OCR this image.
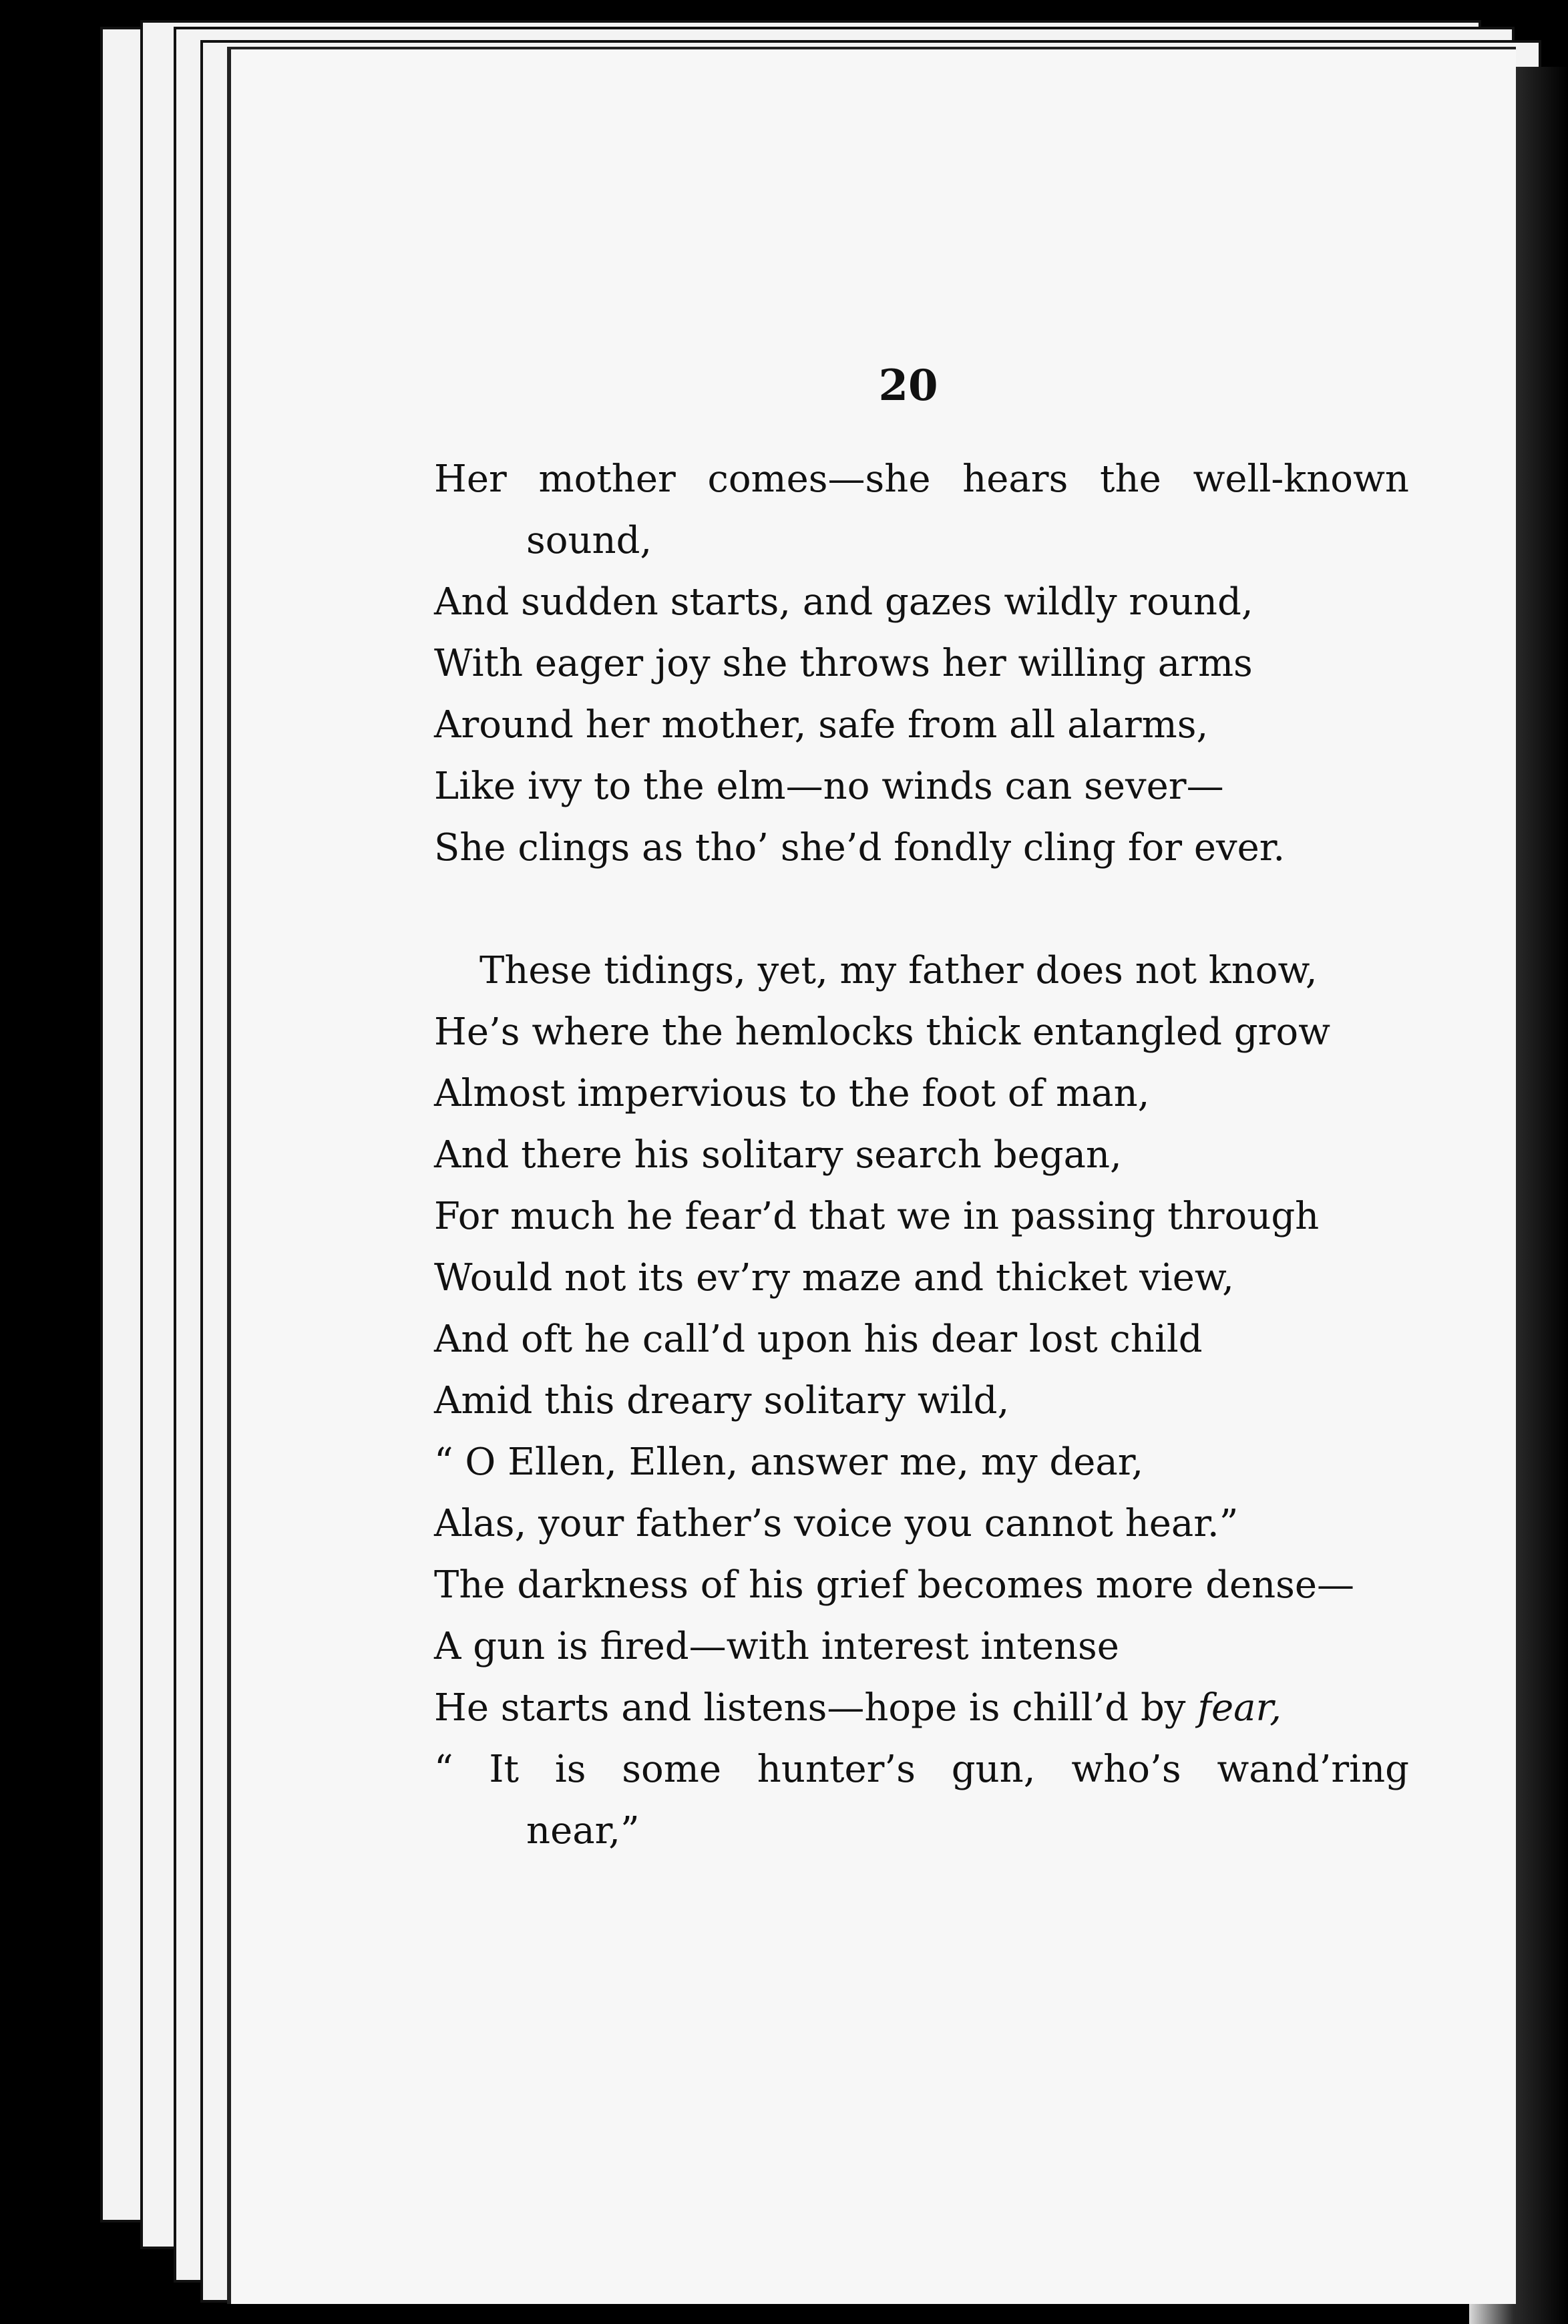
20
Her mother comes—she hears the well-known
sound,
And sudden starts, and gazes wildly round,
With eager joy she throws her willing arms
Around her mother, safe from all alarms,
Like ivy to the elm—no winds can sever—
She clings as tho’ she’d fondly cling for ever.
These tidings, yet, my father does not know,
He’s where the hemlocks thick entangled grow
Almost impervious to the foot of man,
And there his solitary search began,
For much he fear’d that we in passing through
Would not its ev’ry maze and thicket view,
And oft he call’d upon his dear lost child
Amid this dreary solitary wild,
“ O Ellen, Ellen, answer me, my dear,
Alas, your father’s voice you cannot hear.”
The darkness of his grief becomes more dense—
A gun is fired—with interest intense
He starts and listens—hope is chill’d by fear,
“ It is some hunter’s gun, who’s wand’ring
near,”
